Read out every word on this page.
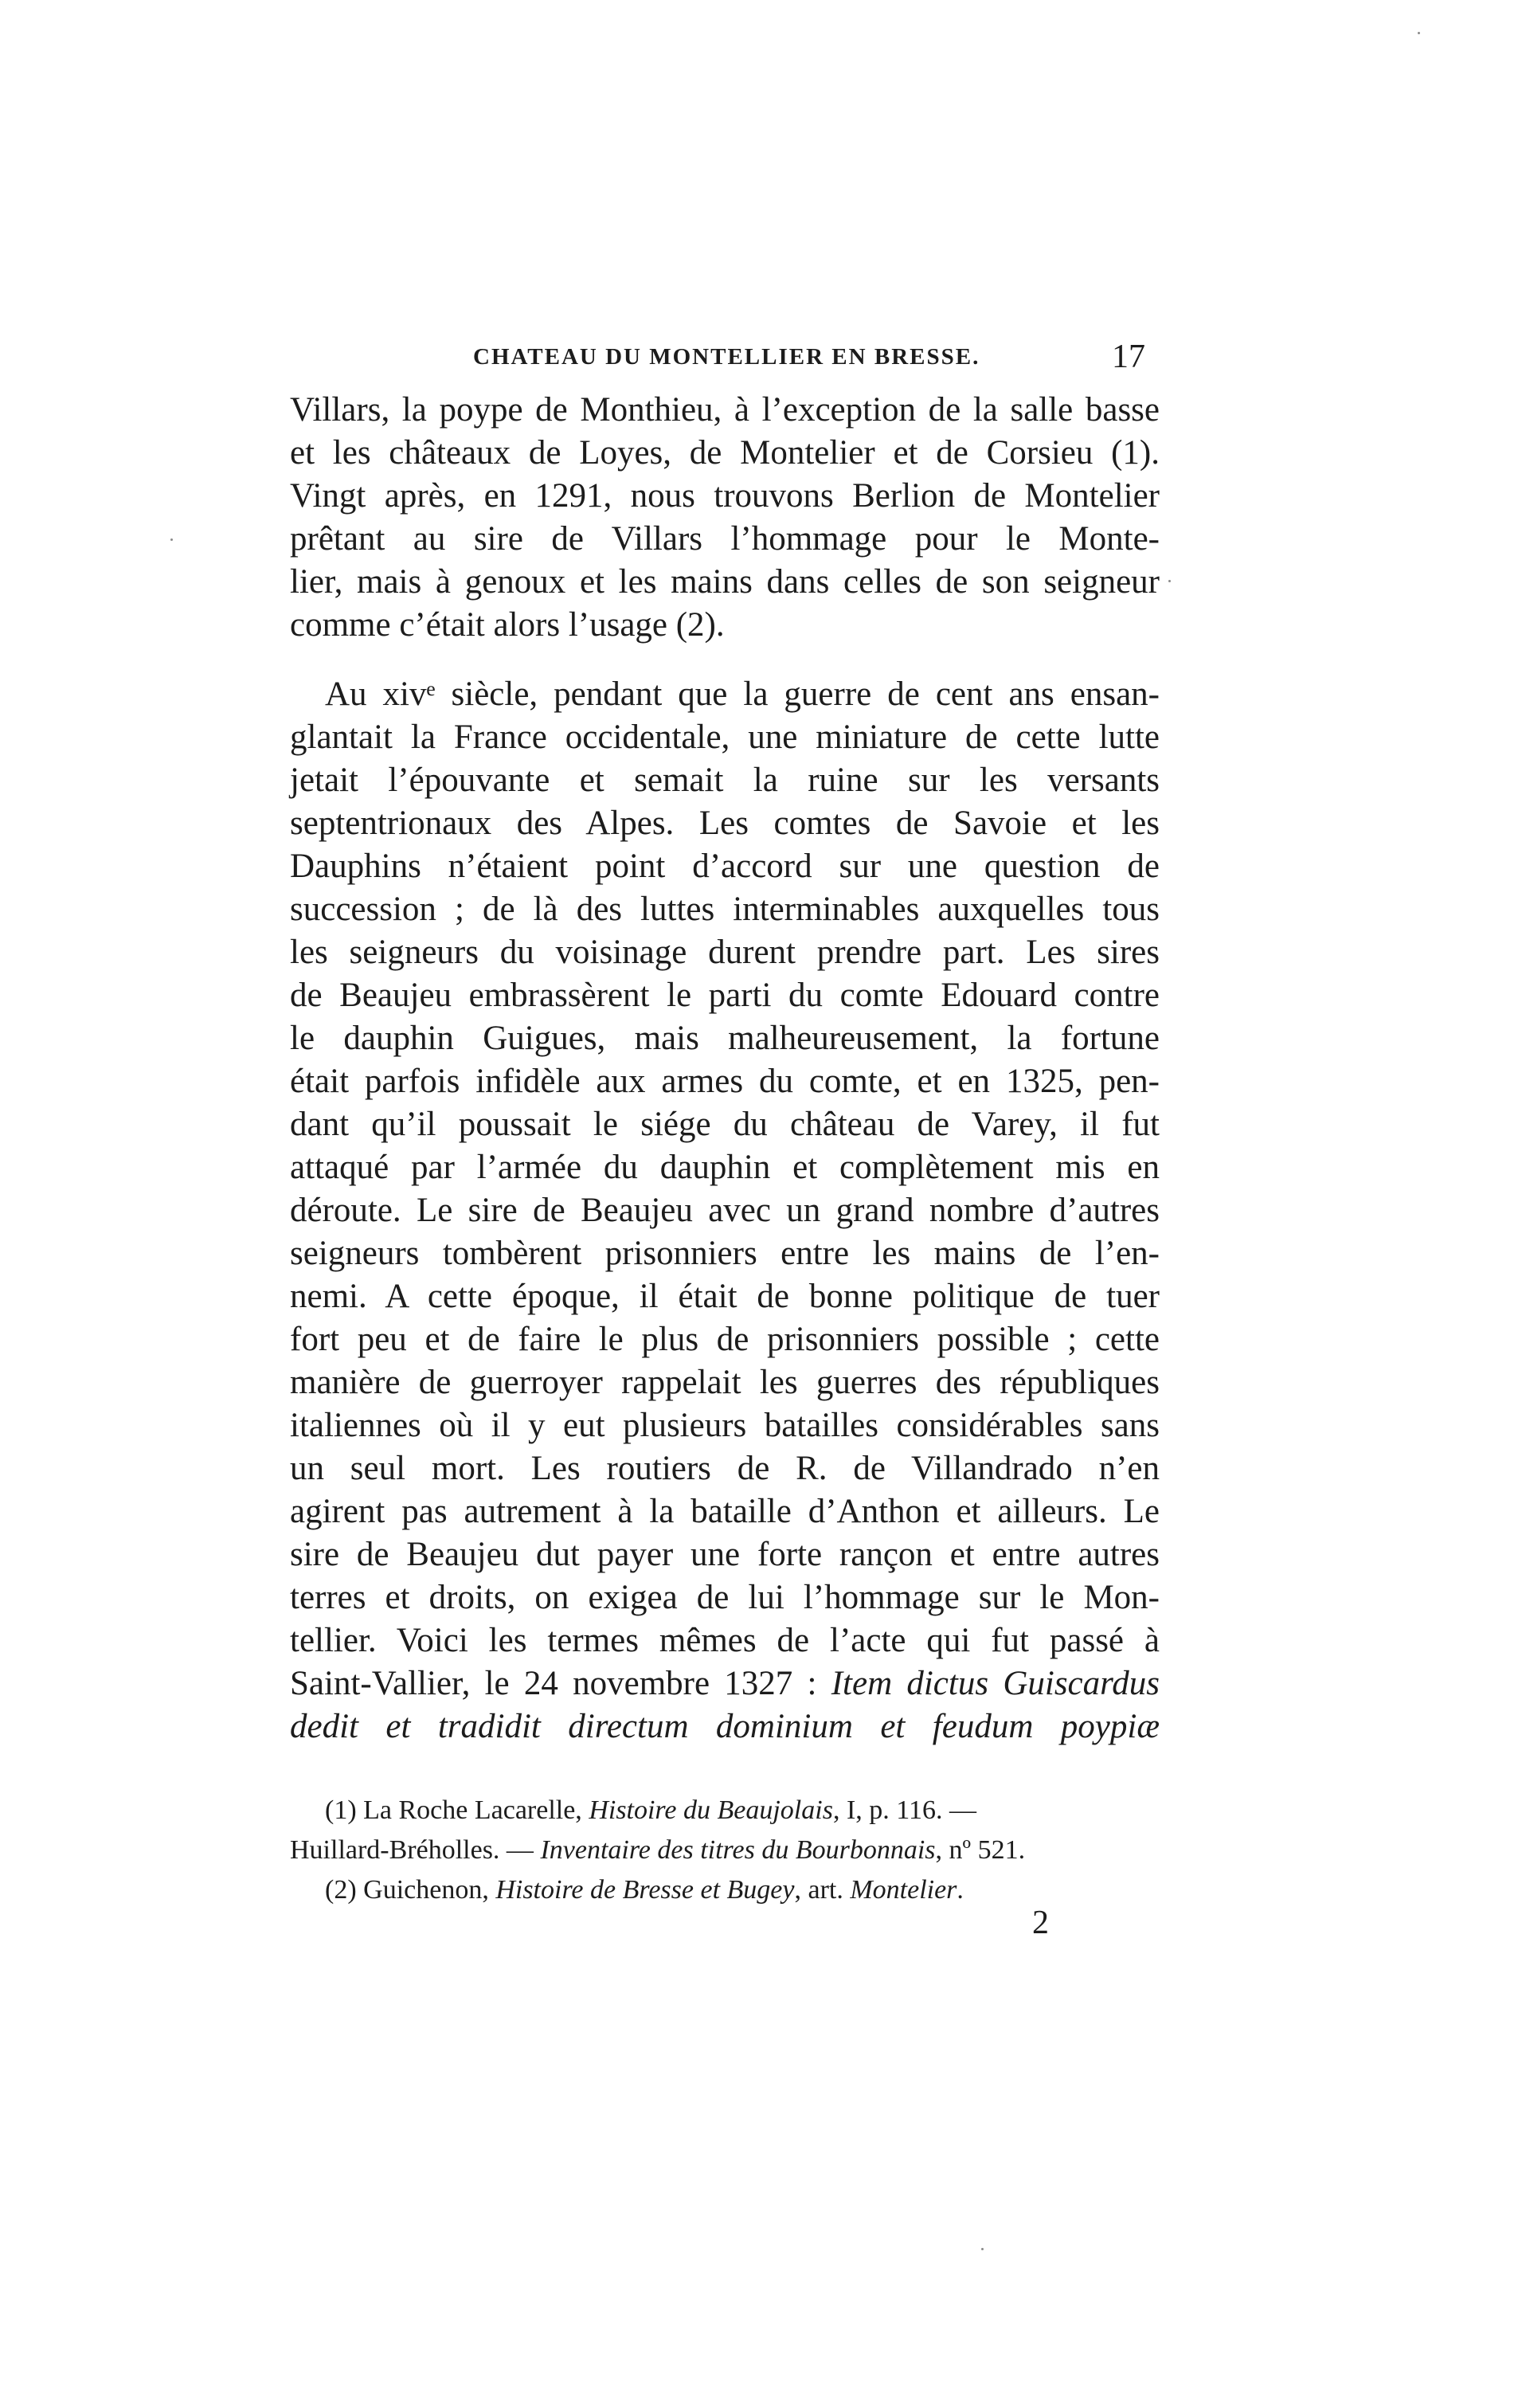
CHATEAU DU MONTELLIER EN BRESSE.	17
Villars, la poype de Monthieu, à l’exception de la salle basse
et les châteaux de Loyes, de Montelier et de Corsieu (1).
Vingt après, en 1291, nous trouvons Berlion de Montelier
prêtant au sire de Villars l’hommage pour le Monte-
lier, mais à genoux et les mains dans celles de son seigneur
comme c’était alors l’usage (2).
Au xivᵉ siècle, pendant que la guerre de cent ans ensan-
glantait la France occidentale, une miniature de cette lutte
jetait l’épouvante et semait la ruine sur les versants
septentrionaux des Alpes. Les comtes de Savoie et les
Dauphins n’étaient point d’accord sur une question de
succession ; de là des luttes interminables auxquelles tous
les seigneurs du voisinage durent prendre part. Les sires
de Beaujeu embrassèrent le parti du comte Edouard contre
le dauphin Guigues, mais malheureusement, la fortune
était parfois infidèle aux armes du comte, et en 1325, pen-
dant qu’il poussait le siége du château de Varey, il fut
attaqué par l’armée du dauphin et complètement mis en
déroute. Le sire de Beaujeu avec un grand nombre d’autres
seigneurs tombèrent prisonniers entre les mains de l’en-
nemi. A cette époque, il était de bonne politique de tuer
fort peu et de faire le plus de prisonniers possible ; cette
manière de guerroyer rappelait les guerres des républiques
italiennes où il y eut plusieurs batailles considérables sans
un seul mort. Les routiers de R. de Villandrado n’en
agirent pas autrement à la bataille d’Anthon et ailleurs. Le
sire de Beaujeu dut payer une forte rançon et entre autres
terres et droits, on exigea de lui l’hommage sur le Mon-
tellier. Voici les termes mêmes de l’acte qui fut passé à
Saint-Vallier, le 24 novembre 1327 : Item dictus Guiscardus
dedit et tradidit directum dominium et feudum poypiæ
(1) La Roche Lacarelle, Histoire du Beaujolais, I, p. 116. —
Huillard-Bréholles. — Inventaire des titres du Bourbonnais, nº 521.
(2) Guichenon, Histoire de Bresse et Bugey, art. Montelier.
2
